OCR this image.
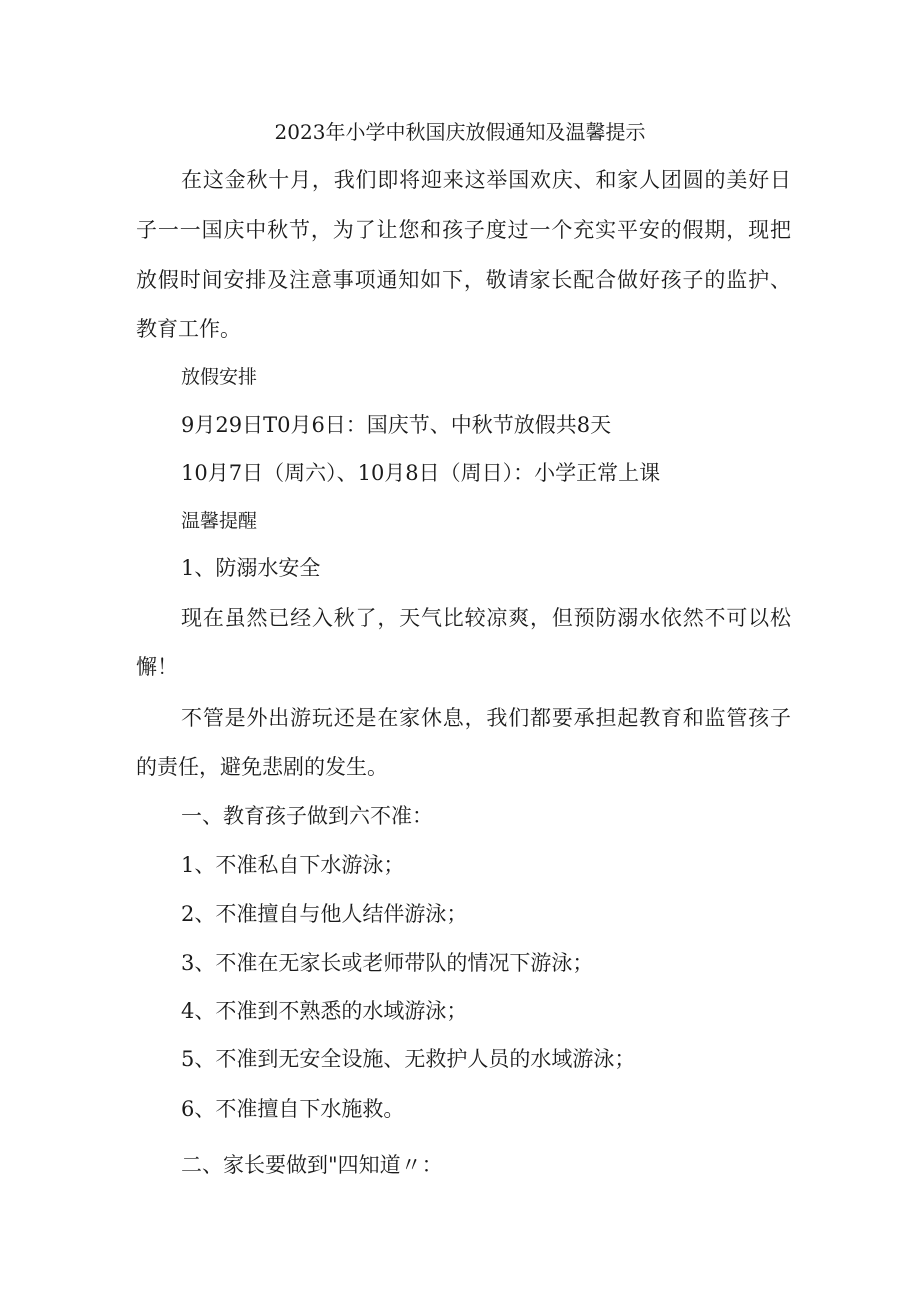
2023年小学中秋国庆放假通知及温馨提示
在这金秋十月，我们即将迎来这举国欢庆、和家人团圆的美好日
子一一国庆中秋节，为了让您和孩子度过一个充实平安的假期，现把
放假时间安排及注意事项通知如下，敬请家长配合做好孩子的监护、
教育工作。
放假安排
9月29日T0月6日：国庆节、中秋节放假共8天
10月7日（周六）、10月8日（周日）：小学正常上课
温馨提醒
1、防溺水安全
现在虽然已经入秋了，天气比较凉爽，但预防溺水依然不可以松
懈！
不管是外出游玩还是在家休息，我们都要承担起教育和监管孩子
的责任，避免悲剧的发生。
一、教育孩子做到六不准：
1、不准私自下水游泳；
2、不准擅自与他人结伴游泳；
3、不准在无家长或老师带队的情况下游泳；
4、不准到不熟悉的水域游泳；
5、不准到无安全设施、无救护人员的水域游泳；
6、不准擅自下水施救。
二、家长要做到"四知道〃：
